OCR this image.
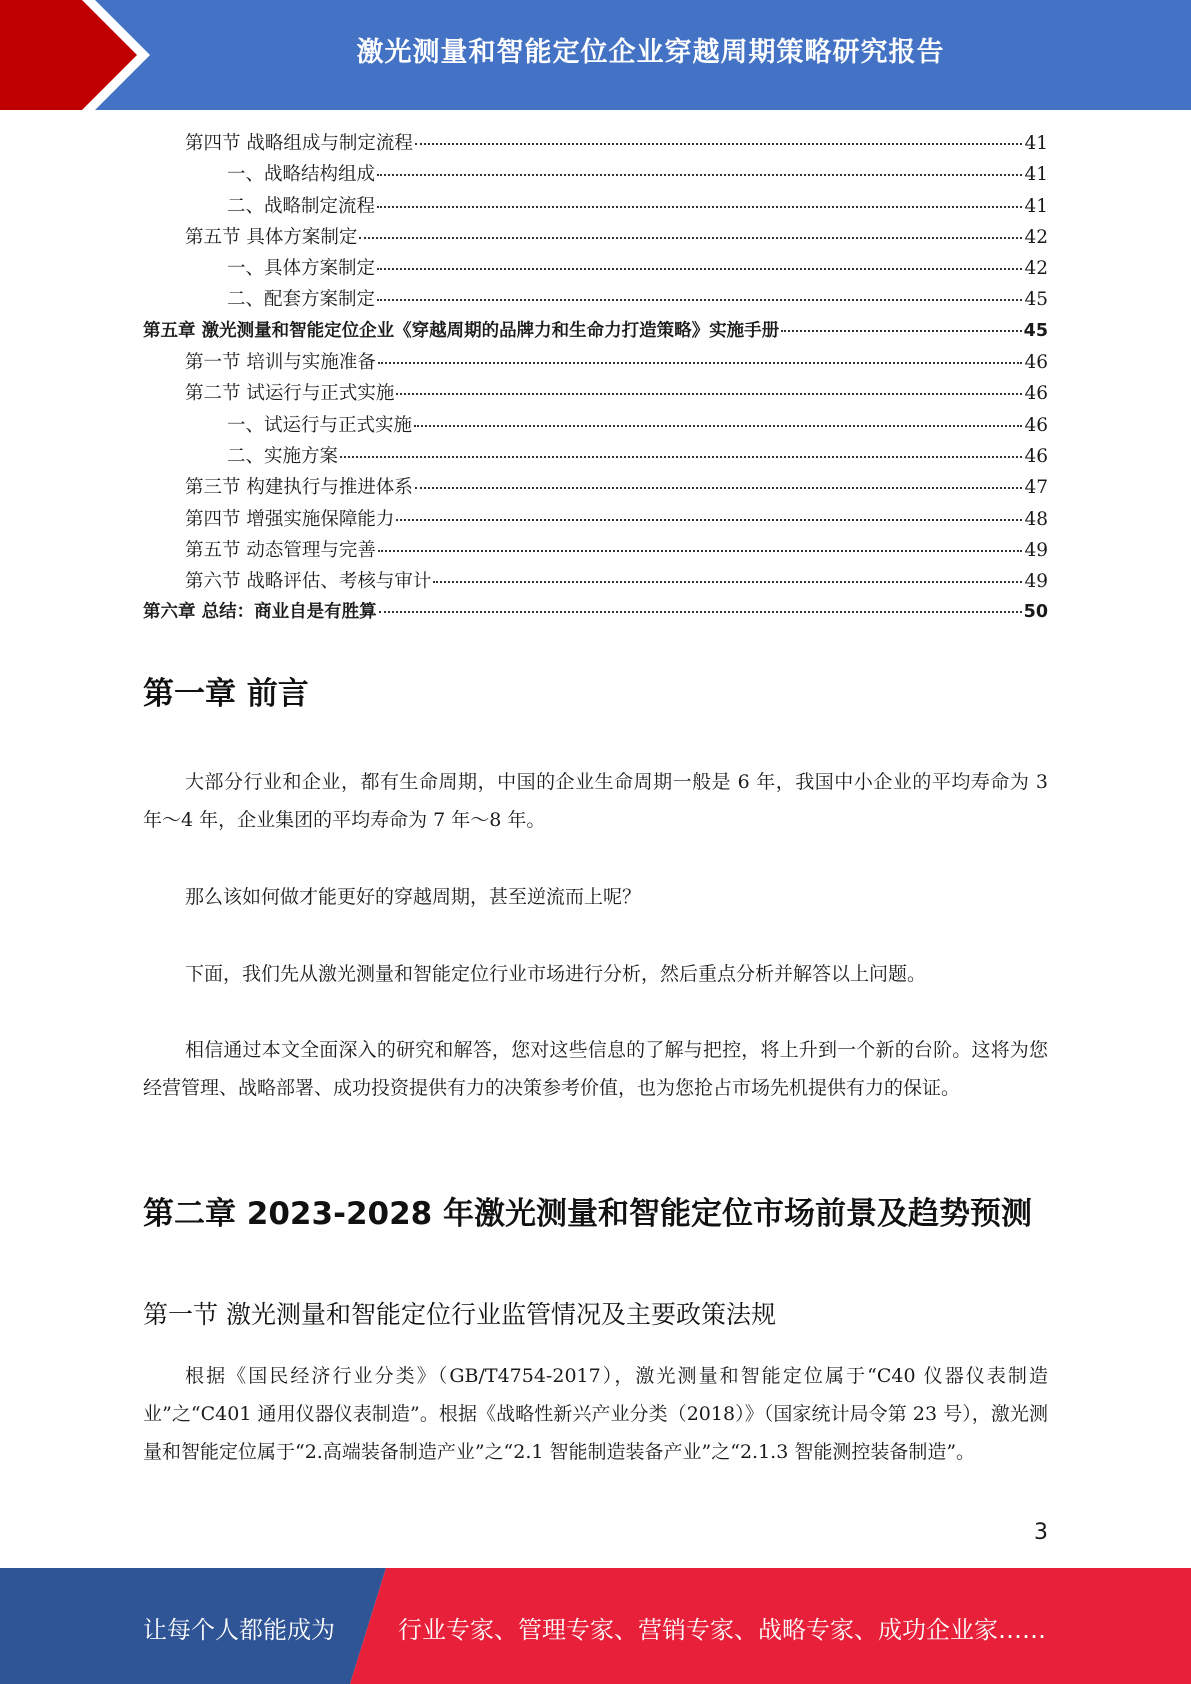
激光测量和智能定位企业穿越周期策略研究报告
第四节 战略组成与制定流程	41
一、战略结构组成	41
二、战略制定流程	41
第五节 具体方案制定	42
一、具体方案制定	42
二、配套方案制定	45
第五章 激光测量和智能定位企业《穿越周期的品牌力和生命力打造策略》实施手册	45
第一节 培训与实施准备	46
第二节 试运行与正式实施	46
一、试运行与正式实施	46
二、实施方案	46
第三节 构建执行与推进体系	47
第四节 增强实施保障能力	48
第五节 动态管理与完善	49
第六节 战略评估、考核与审计	49
第六章 总结：商业自是有胜算	50
第一章 前言

大部分行业和企业，都有生命周期，中国的企业生命周期一般是 6 年，我国中小企业的平均寿命为 3 年～4 年，企业集团的平均寿命为 7 年～8 年。

那么该如何做才能更好的穿越周期，甚至逆流而上呢？

下面，我们先从激光测量和智能定位行业市场进行分析，然后重点分析并解答以上问题。

相信通过本文全面深入的研究和解答，您对这些信息的了解与把控，将上升到一个新的台阶。这将为您经营管理、战略部署、成功投资提供有力的决策参考价值，也为您抢占市场先机提供有力的保证。

第二章 2023-2028 年激光测量和智能定位市场前景及趋势预测
第一节 激光测量和智能定位行业监管情况及主要政策法规

根据《国民经济行业分类》（GB/T4754-2017），激光测量和智能定位属于“C40 仪器仪表制造业”之“C401 通用仪器仪表制造”。根据《战略性新兴产业分类（2018）》（国家统计局令第 23 号），激光测量和智能定位属于“2.高端装备制造产业”之“2.1 智能制造装备产业”之“2.1.3 智能测控装备制造”。

3
让每个人都能成为	行业专家、管理专家、营销专家、战略专家、成功企业家……
